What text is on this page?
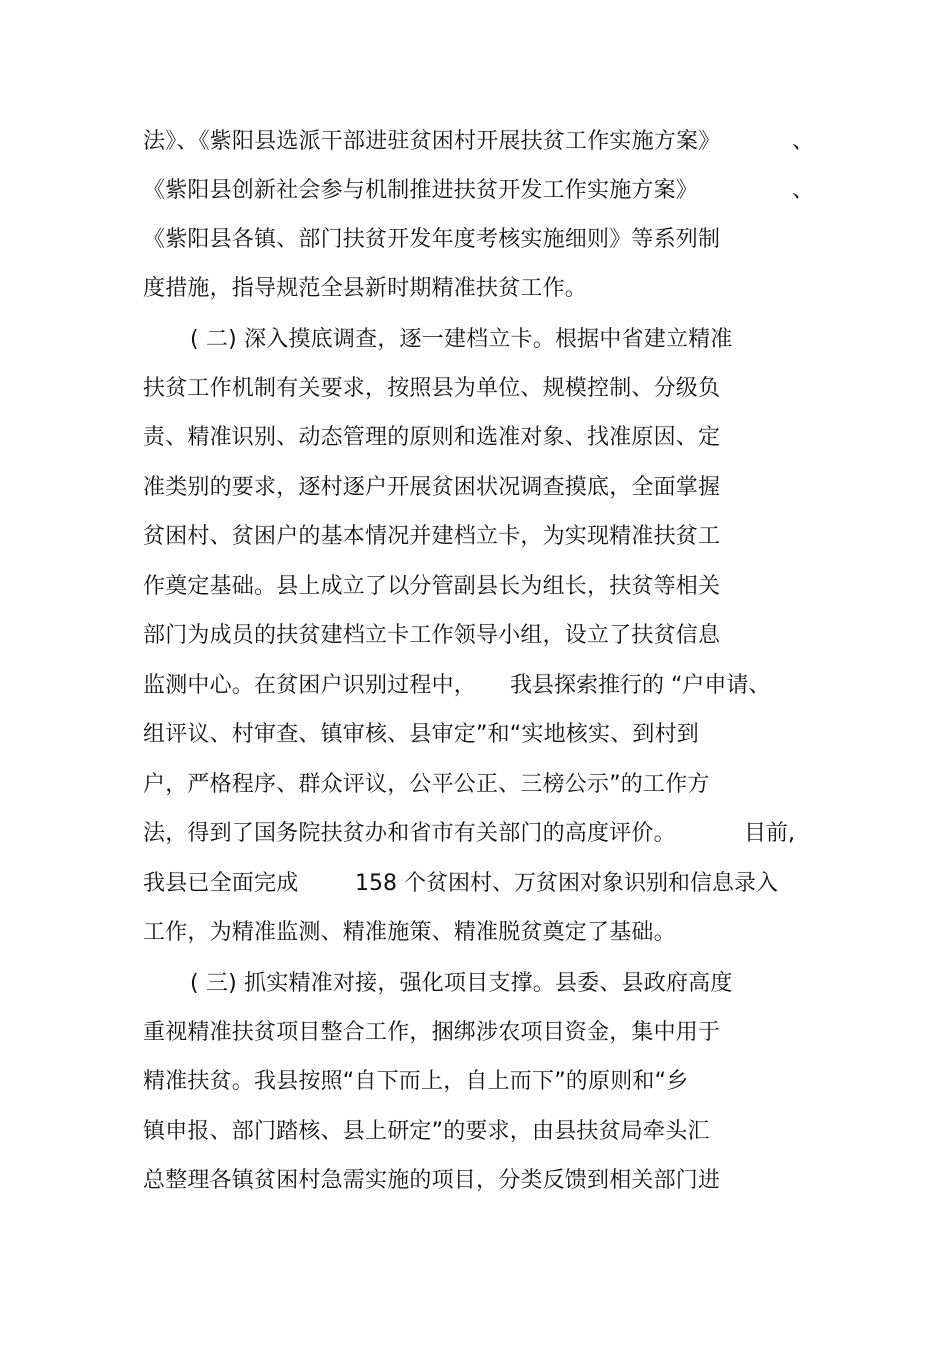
法》、《紫阳县选派干部进驻贫困村开展扶贫工作实施方案》	、
《紫阳县创新社会参与机制推进扶贫开发工作实施方案》	、
《紫阳县各镇、部门扶贫开发年度考核实施细则》等系列制
度措施，指导规范全县新时期精准扶贫工作。
( 二) 深入摸底调查，逐一建档立卡。根据中省建立精准
扶贫工作机制有关要求，按照县为单位、规模控制、分级负
责、精准识别、动态管理的原则和选准对象、找准原因、定
准类别的要求，逐村逐户开展贫困状况调查摸底，全面掌握
贫困村、贫困户的基本情况并建档立卡，为实现精准扶贫工
作奠定基础。县上成立了以分管副县长为组长，扶贫等相关
部门为成员的扶贫建档立卡工作领导小组，设立了扶贫信息
监测中心。在贫困户识别过程中， 我县探索推行的 “户申请、
组评议、村审查、镇审核、县审定”和“实地核实、到村到
户，严格程序、群众评议，公平公正、三榜公示”的工作方
法，得到了国务院扶贫办和省市有关部门的高度评价。	目前,
我县已全面完成	158 个贫困村、万贫困对象识别和信息录入
工作，为精准监测、精准施策、精准脱贫奠定了基础。
( 三) 抓实精准对接，强化项目支撑。县委、县政府高度
重视精准扶贫项目整合工作，捆绑涉农项目资金，集中用于
精准扶贫。我县按照“自下而上，自上而下”的原则和“乡
镇申报、部门踏核、县上研定”的要求，由县扶贫局牵头汇
总整理各镇贫困村急需实施的项目，分类反馈到相关部门进
